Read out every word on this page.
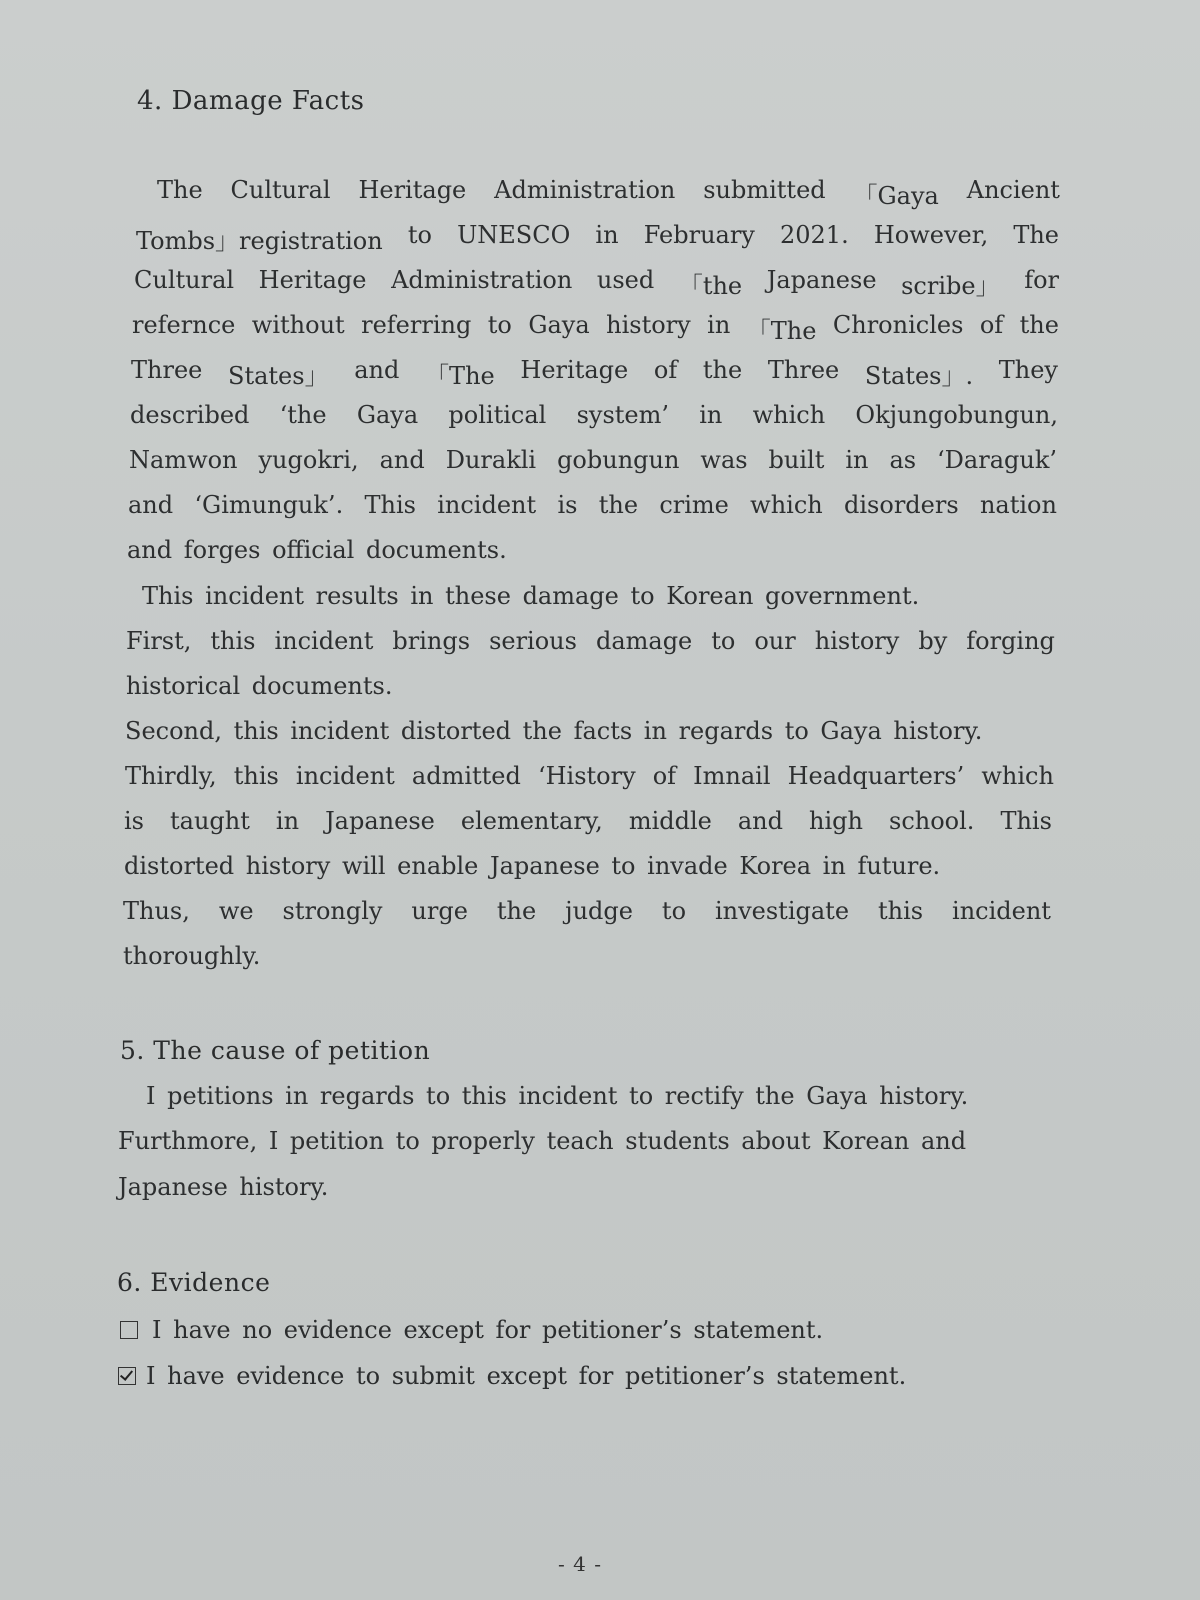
4. Damage Facts
The Cultural Heritage Administration submitted 「Gaya Ancient
Tombs」registration to UNESCO in February 2021. However, The
Cultural Heritage Administration used 「the Japanese scribe」 for
refernce without referring to Gaya history in 「The Chronicles of the
Three States」 and 「The Heritage of the Three States」. They
described ‘the Gaya political system’ in which Okjungobungun,
Namwon yugokri, and Durakli gobungun was built in as ‘Daraguk’
and ‘Gimunguk’. This incident is the crime which disorders nation
and forges official documents.
This incident results in these damage to Korean government.
First, this incident brings serious damage to our history by forging
historical documents.
Second, this incident distorted the facts in regards to Gaya history.
Thirdly, this incident admitted ‘History of Imnail Headquarters’ which
is taught in Japanese elementary, middle and high school. This
distorted history will enable Japanese to invade Korea in future.
Thus, we strongly urge the judge to investigate this incident
thoroughly.
5. The cause of petition
I petitions in regards to this incident to rectify the Gaya history.
Furthmore, I petition to properly teach students about Korean and
Japanese history.
6. Evidence
I have no evidence except for petitioner’s statement.
I have evidence to submit except for petitioner’s statement.
- 4 -
